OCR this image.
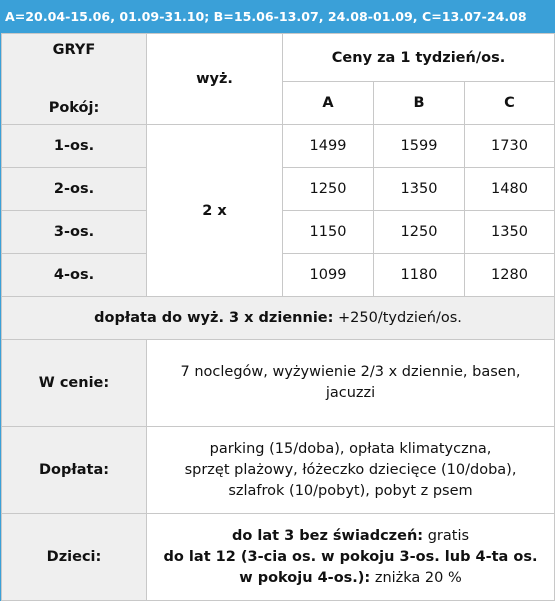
A=20.04-15.06, 01.09-31.10; B=15.06-13.07, 24.08-01.09, C=13.07-24.08
GRYF
Pokój:	wyż.	Ceny za 1 tydzień/os.		
		A	B	C
1-os.	2 x	1499	1599	1730
2-os.		1250	1350	1480
3-os.		1150	1250	1350
4-os.		1099	1180	1280
dopłata do wyż. 3 x dziennie: +250/tydzień/os.				
W cenie:	7 noclegów, wyżywienie 2/3 x dziennie, basen,
jacuzzi			

Dopłata:	parking (15/doba), opłata klimatyczna,
sprzęt plażowy, łóżeczko dziecięce (10/doba),
szlafrok (10/pobyt), pobyt z psem			

Dzieci:	do lat 3 bez świadczeń: gratis
do lat 12 (3-cia os. w pokoju 3-os. lub 4-ta os.
w pokoju 4-os.): zniżka 20 %			
